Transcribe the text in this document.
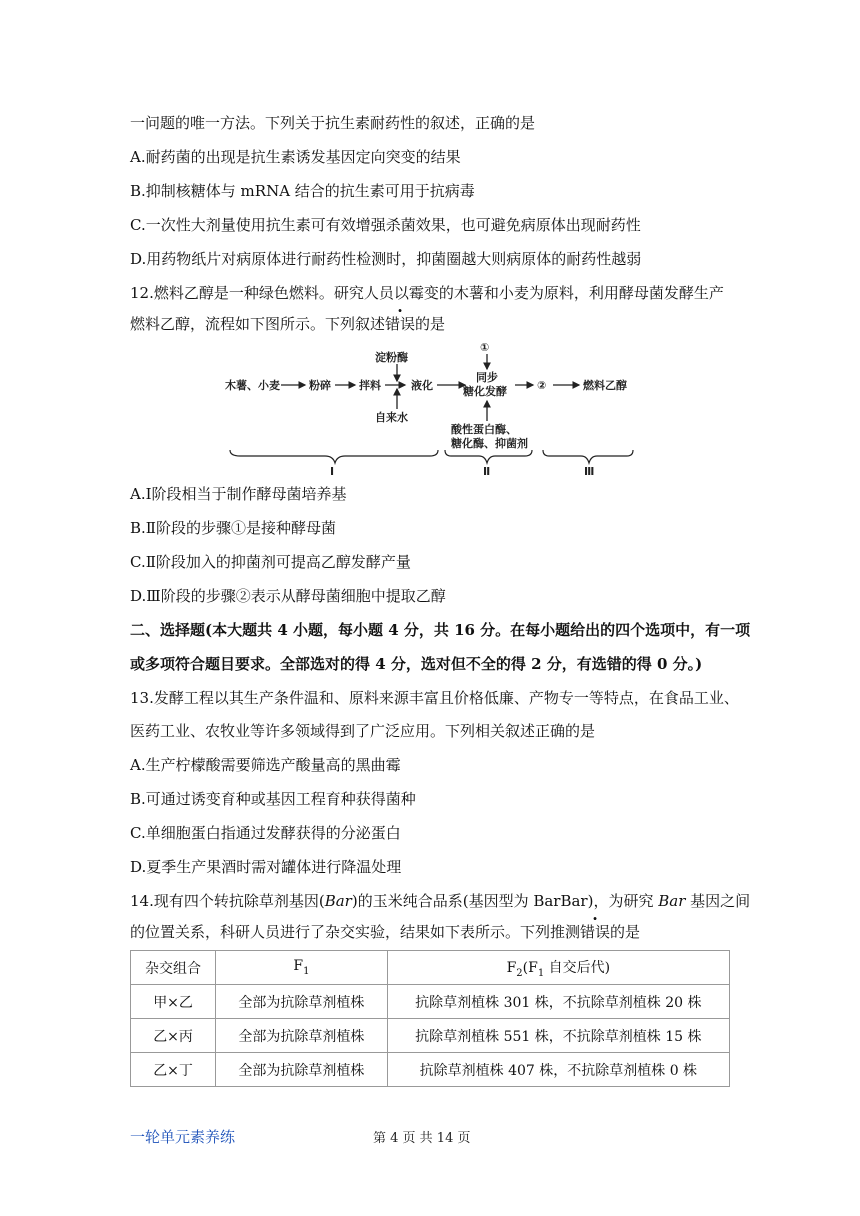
一问题的唯一方法。下列关于抗生素耐药性的叙述，正确的是
A.耐药菌的出现是抗生素诱发基因定向突变的结果
B.抑制核糖体与 mRNA 结合的抗生素可用于抗病毒
C.一次性大剂量使用抗生素可有效增强杀菌效果，也可避免病原体出现耐药性
D.用药物纸片对病原体进行耐药性检测时，抑菌圈越大则病原体的耐药性越弱
12.燃料乙醇是一种绿色燃料。研究人员以霉变的木薯和小麦为原料，利用酵母菌发酵生产
燃料乙醇，流程如下图所示。下列叙述错误的是
木薯、小麦	粉碎	拌料
淀粉酶
自来水
液化
①
同步
糖化发酵	②	燃料乙醇
酸性蛋白酶、
糖化酶、抑菌剂
Ⅰ	Ⅱ	Ⅲ
A.Ⅰ阶段相当于制作酵母菌培养基
B.Ⅱ阶段的步骤①是接种酵母菌
C.Ⅱ阶段加入的抑菌剂可提高乙醇发酵产量
D.Ⅲ阶段的步骤②表示从酵母菌细胞中提取乙醇
二、选择题(本大题共 4 小题，每小题 4 分，共 16 分。在每小题给出的四个选项中，有一项
或多项符合题目要求。全部选对的得 4 分，选对但不全的得 2 分，有选错的得 0 分。)
13.发酵工程以其生产条件温和、原料来源丰富且价格低廉、产物专一等特点，在食品工业、
医药工业、农牧业等许多领域得到了广泛应用。下列相关叙述正确的是
A.生产柠檬酸需要筛选产酸量高的黑曲霉
B.可通过诱变育种或基因工程育种获得菌种
C.单细胞蛋白指通过发酵获得的分泌蛋白
D.夏季生产果酒时需对罐体进行降温处理
14.现有四个转抗除草剂基因(Bar)的玉米纯合品系(基因型为 BarBar)，为研究 Bar 基因之间
的位置关系，科研人员进行了杂交实验，结果如下表所示。下列推测错误的是
杂交组合	$F_1$	$F_2(F_1$ 自交后代)
甲×乙	全部为抗除草剂植株	抗除草剂植株 301 株，不抗除草剂植株 20 株
乙×丙	全部为抗除草剂植株	抗除草剂植株 551 株，不抗除草剂植株 15 株
乙×丁	全部为抗除草剂植株	抗除草剂植株 407 株，不抗除草剂植株 0 株
一轮单元素养练	第 4 页 共 14 页
